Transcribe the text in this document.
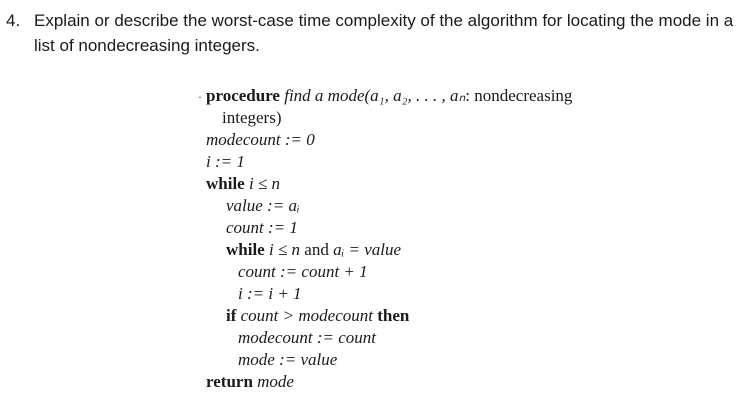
4. Explain or describe the worst-case time complexity of the algorithm for locating the mode in a list of nondecreasing integers.
· procedure find a mode(a₁, a₂, . . . , aₙ: nondecreasing
integers)
modecount := 0
i := 1
while i ≤ n
value := aᵢ
count := 1
while i ≤ n and aᵢ = value
count := count + 1
i := i + 1
if count > modecount then
modecount := count
mode := value
return mode
